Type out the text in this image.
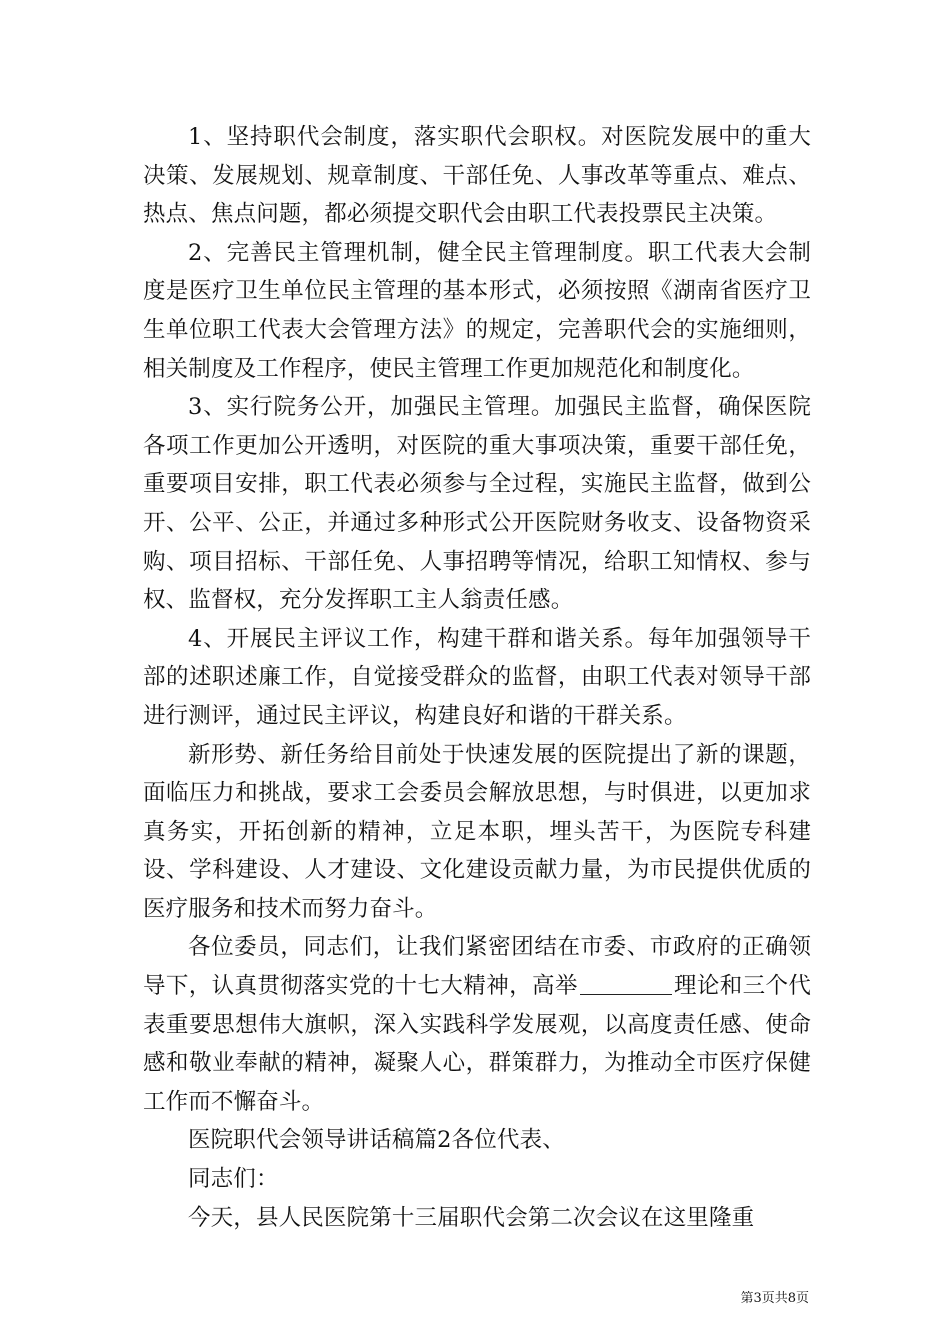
1、坚持职代会制度，落实职代会职权。对医院发展中的重大决策、发展规划、规章制度、干部任免、人事改革等重点、难点、热点、焦点问题，都必须提交职代会由职工代表投票民主决策。

2、完善民主管理机制，健全民主管理制度。职工代表大会制度是医疗卫生单位民主管理的基本形式，必须按照《湖南省医疗卫生单位职工代表大会管理方法》的规定，完善职代会的实施细则，相关制度及工作程序，使民主管理工作更加规范化和制度化。

3、实行院务公开，加强民主管理。加强民主监督，确保医院各项工作更加公开透明，对医院的重大事项决策，重要干部任免，重要项目安排，职工代表必须参与全过程，实施民主监督，做到公开、公平、公正，并通过多种形式公开医院财务收支、设备物资采购、项目招标、干部任免、人事招聘等情况，给职工知情权、参与权、监督权，充分发挥职工主人翁责任感。

4、开展民主评议工作，构建干群和谐关系。每年加强领导干部的述职述廉工作，自觉接受群众的监督，由职工代表对领导干部进行测评，通过民主评议，构建良好和谐的干群关系。

新形势、新任务给目前处于快速发展的医院提出了新的课题，面临压力和挑战，要求工会委员会解放思想，与时俱进，以更加求真务实，开拓创新的精神，立足本职，埋头苦干，为医院专科建设、学科建设、人才建设、文化建设贡献力量，为市民提供优质的医疗服务和技术而努力奋斗。

各位委员，同志们，让我们紧密团结在市委、市政府的正确领导下，认真贯彻落实党的十七大精神，高举	理论和三个代表重要思想伟大旗帜，深入实践科学发展观，以高度责任感、使命感和敬业奉献的精神，凝聚人心，群策群力，为推动全市医疗保健工作而不懈奋斗。

医院职代会领导讲话稿篇2各位代表、

同志们：

今天，县人民医院第十三届职代会第二次会议在这里隆重

第3页共8页
